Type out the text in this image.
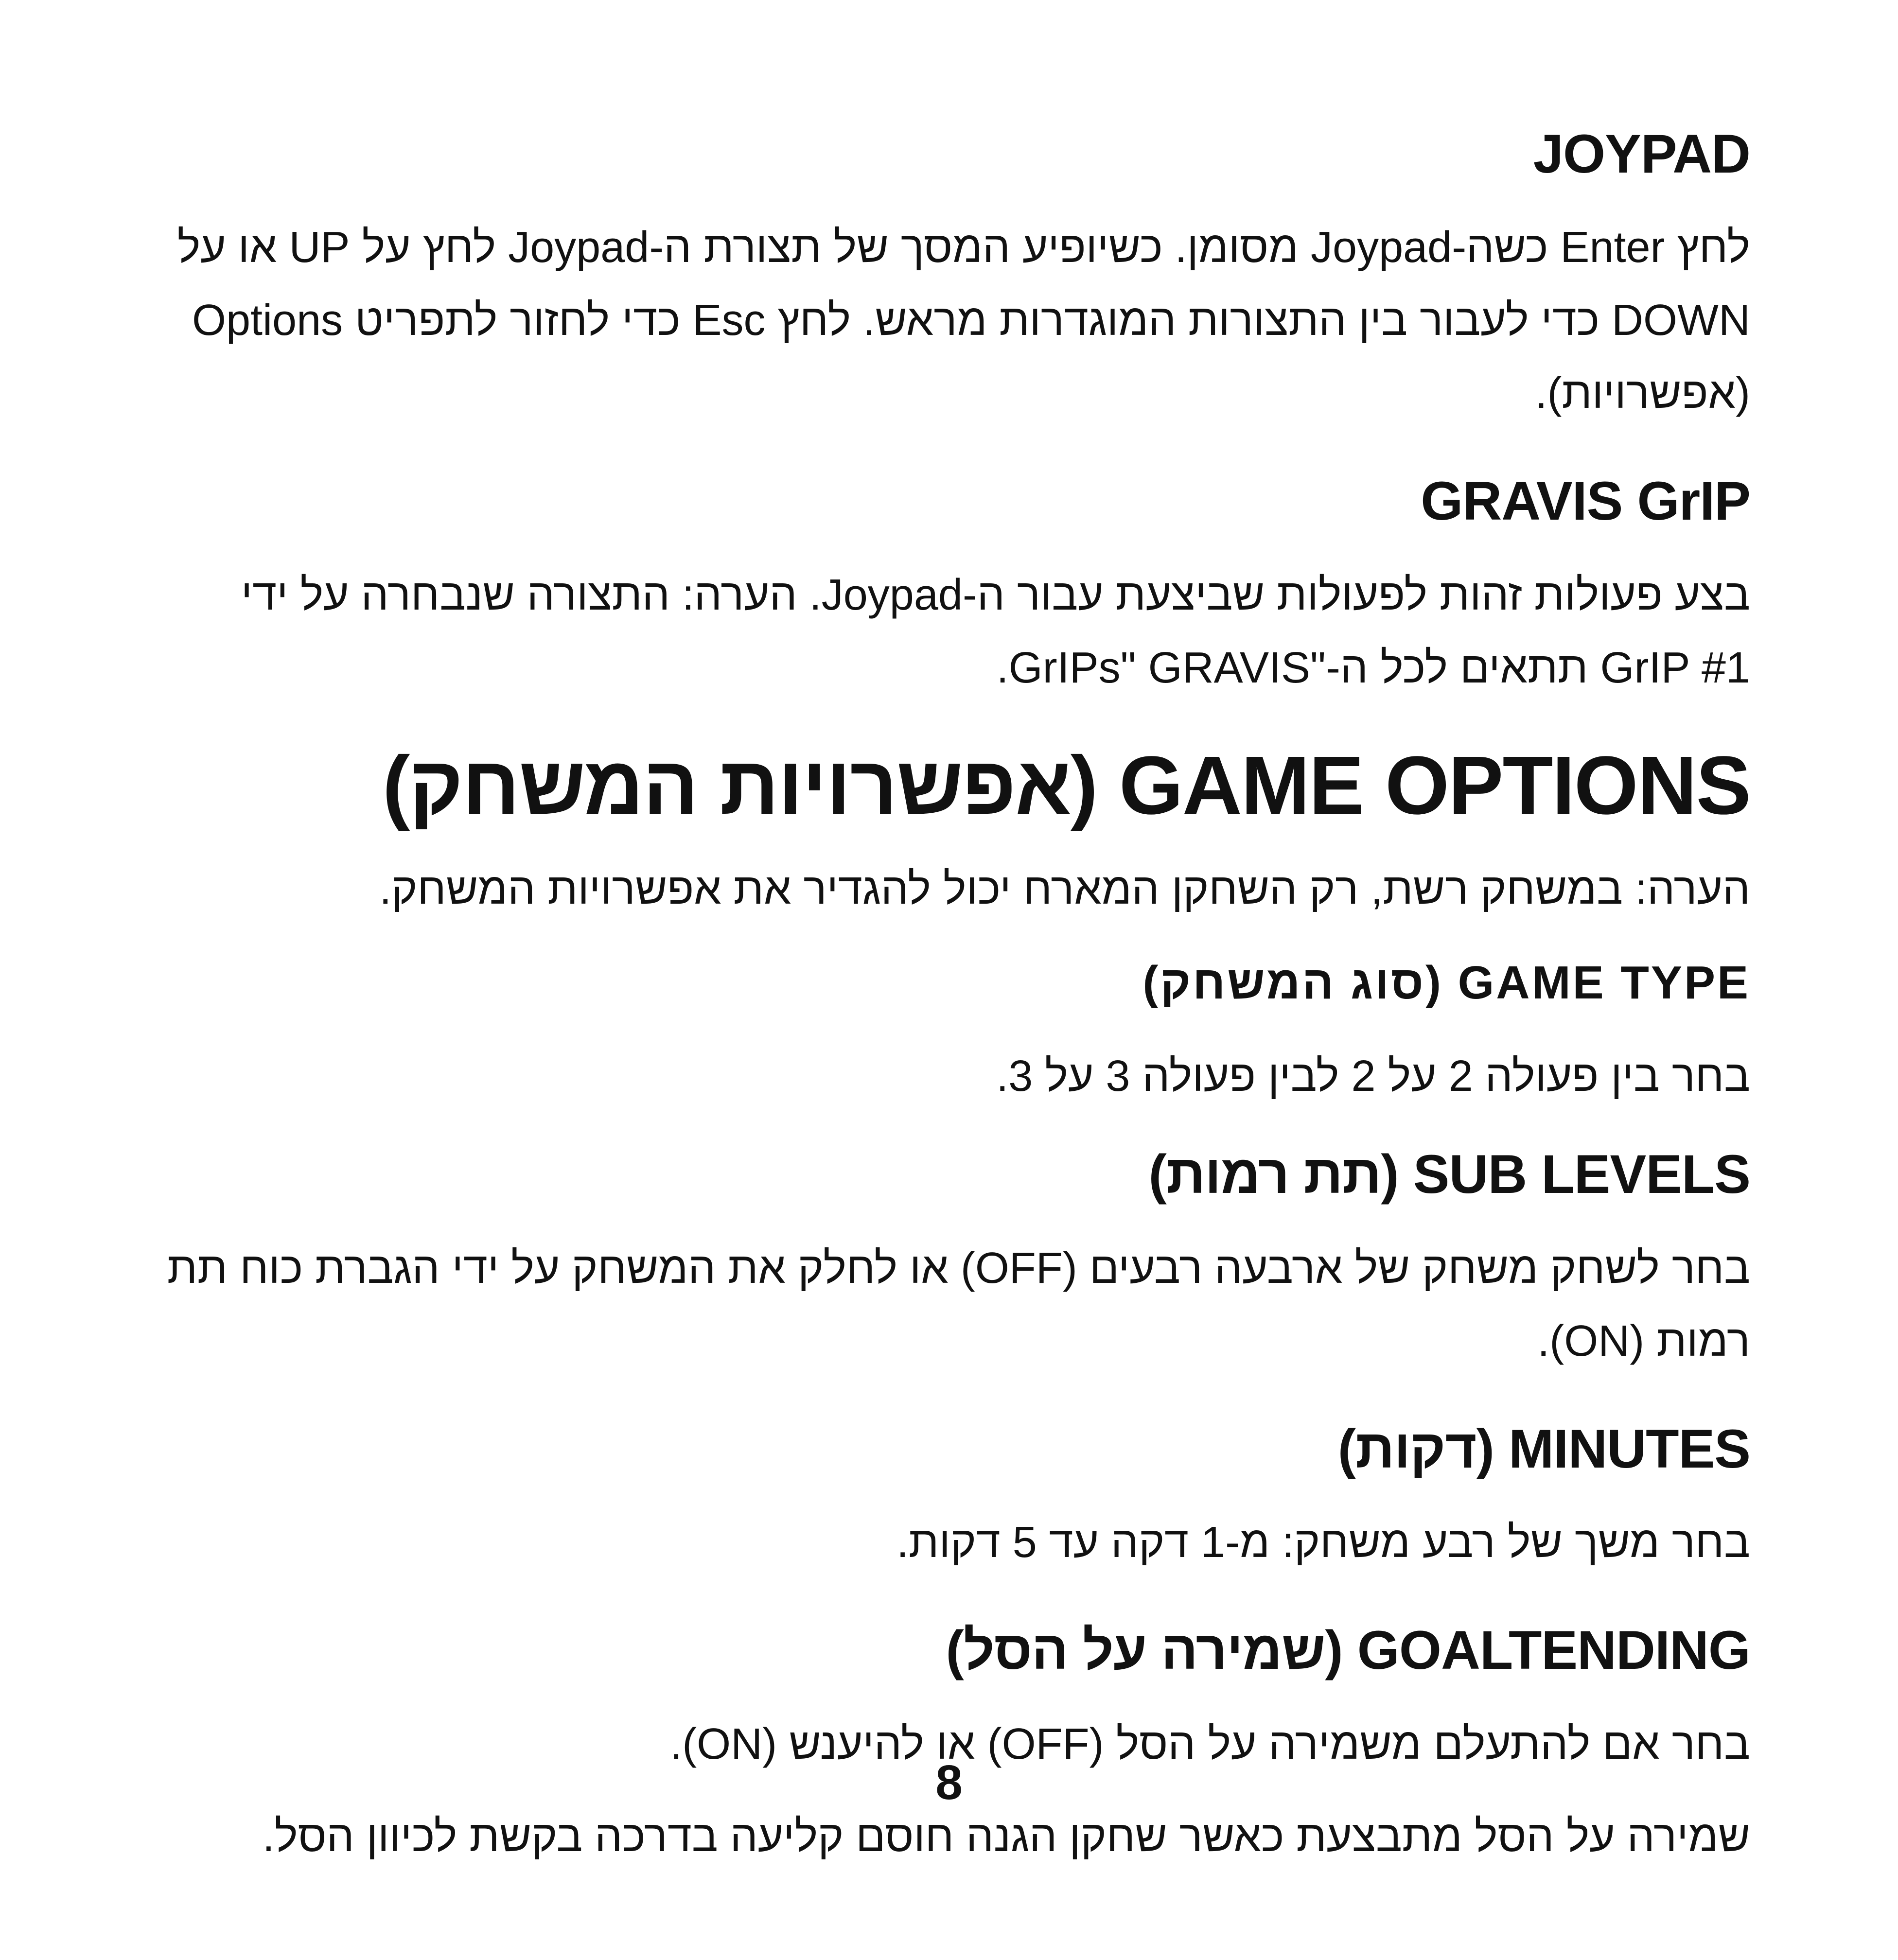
JOYPAD
לחץ Enter כשה-Joypad מסומן. כשיופיע המסך של תצורת ה-Joypad לחץ על UP או על DOWN כדי לעבור בין התצורות המוגדרות מראש. לחץ Esc כדי לחזור לתפריט Options (אפשרויות).
GRAVIS GrIP
בצע פעולות זהות לפעולות שביצעת עבור ה-Joypad. הערה: התצורה שנבחרה על ידי GrIP #1 תתאים לכל ה-"GrIPs" GRAVIS.
GAME OPTIONS (אפשרויות המשחק)
הערה: במשחק רשת, רק השחקן המארח יכול להגדיר את אפשרויות המשחק.
GAME TYPE (סוג המשחק)
בחר בין פעולה 2 על 2 לבין פעולה 3 על 3.
SUB LEVELS (תת רמות)
בחר לשחק משחק של ארבעה רבעים (OFF) או לחלק את המשחק על ידי הגברת כוח תת רמות (ON).
MINUTES (דקות)
בחר משך של רבע משחק: מ-1 דקה עד 5 דקות.
GOALTENDING (שמירה על הסל)
בחר אם להתעלם משמירה על הסל (OFF) או להיענש (ON).
שמירה על הסל מתבצעת כאשר שחקן הגנה חוסם קליעה בדרכה בקשת לכיוון הסל.
8
